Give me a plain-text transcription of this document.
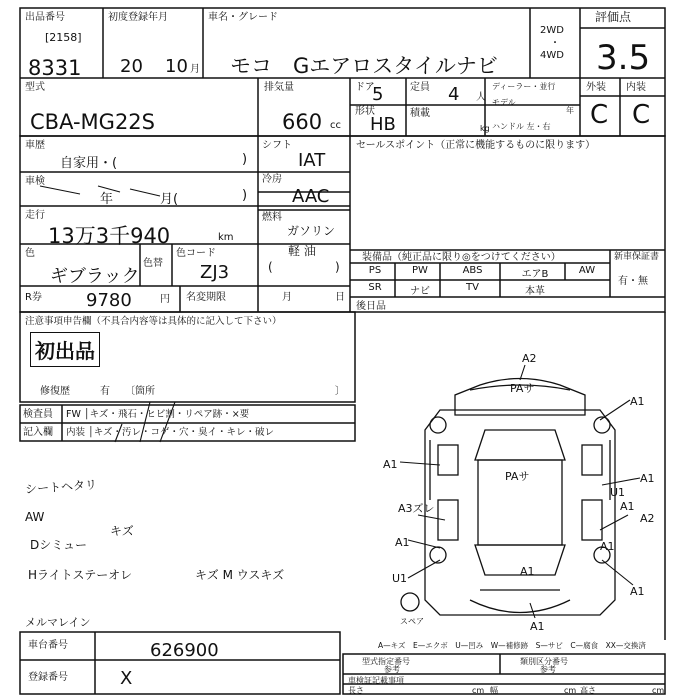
出品番号
[2158]
8331
初度登録年月
20 10 月
車名・グレード
モコ　Gエアロスタイルナビ
2WD
・
4WD
評価点
3.5
型式
CBA-MG22S
排気量
660 cc
ドア
5	定員 4 人
ディーラー・並行
形状
HB
積載
kg
モデル
年
ハンドル 左・右
外装 内装
C C
車歴
自家用・(	)
車検
年	月(	)
走行
13万3千940	km
色
ギブラック
色替
色コード
ZJ3
シフト
IAT
冷房
AAC
燃料
ガソリン
軽 油
(	)
R券 9780	円 名変期限	月	日
セールスポイント（正常に機能するものに限ります）
装備品（純正品に限り◎をつけてください）	新車保証書
有・無
PS	PW	ABS	エアB	AW
SR	ナビ	TV	本革
後日品
注意事項申告欄（不具合内容等は具体的に記入して下さい）
初出品
修復歴	有 〔箇所	〕
検査員
記入欄
FW │キズ・飛石・ヒビ割・リペア跡・×要
内装 │キズ・汚レ・コゲ・穴・臭イ・キレ・破レ
シートヘタリ
AW
Dシミュー
キズ
Hライトステーオレ	キズ M ウスキズ
メルマレイン
A2
PAサ
A1
A1
A1
PAサ
A1
U1
A3ズレ
A2
A1	A1
U1
A1
A1
A1
スペア
A—キズ　E—エクボ　U—凹み　W—補修跡　S—サビ　C—腐食　XX—交換済
車台番号	626900
登録番号	X
型式指定番号
参考
類別区分番号
参考
車検証記載事項
長さ	cm 幅	cm 高さ	cm
